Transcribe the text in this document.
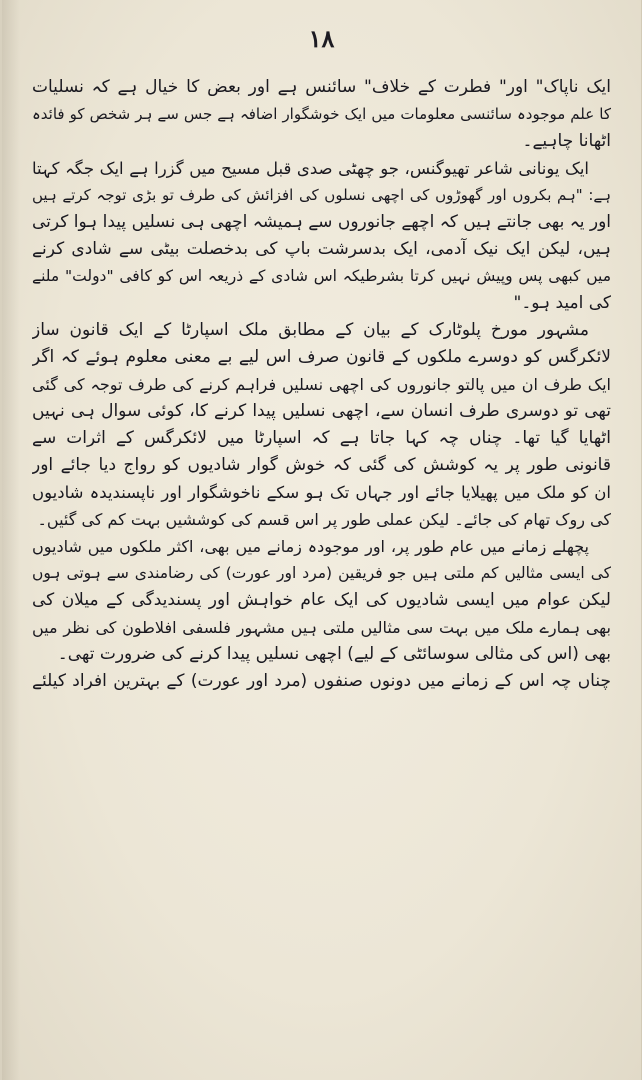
۱۸
ایک ناپاک" اور" فطرت کے خلاف" سائنس ہے اور بعض کا خیال ہے کہ نسلیات
کا علم موجودہ سائنسی معلومات میں ایک خوشگوار اضافہ ہے جس سے ہر شخص کو فائدہ
اٹھانا چاہیے۔
ایک یونانی شاعر تھیوگنس، جو چھٹی صدی قبل مسیح میں گزرا ہے ایک جگہ کہتا
ہے: "ہم بکروں اور گھوڑوں کی اچھی نسلوں کی افزائش کی طرف تو بڑی توجہ کرتے ہیں
اور یہ بھی جانتے ہیں کہ اچھے جانوروں سے ہمیشہ اچھی ہی نسلیں پیدا ہوا کرتی
ہیں، لیکن ایک نیک آدمی، ایک بدسرشت باپ کی بدخصلت بیٹی سے شادی کرنے
میں کبھی پس وپیش نہیں کرتا بشرطیکہ اس شادی کے ذریعہ اس کو کافی "دولت" ملنے
کی امید ہو۔"
مشہور مورخ پلوٹارک کے بیان کے مطابق ملک اسپارٹا کے ایک قانون ساز
لائکرگس کو دوسرے ملکوں کے قانون صرف اس لیے بے معنی معلوم ہوئے کہ اگر
ایک طرف ان میں پالتو جانوروں کی اچھی نسلیں فراہم کرنے کی طرف توجہ کی گئی
تھی تو دوسری طرف انسان سے، اچھی نسلیں پیدا کرنے کا، کوئی سوال ہی نہیں
اٹھایا گیا تھا۔ چناں چہ کہا جاتا ہے کہ اسپارٹا میں لائکرگس کے اثرات سے
قانونی طور پر یہ کوشش کی گئی کہ خوش گوار شادیوں کو رواج دیا جائے اور
ان کو ملک میں پھیلایا جائے اور جہاں تک ہو سکے ناخوشگوار اور ناپسندیدہ شادیوں
کی روک تھام کی جائے۔ لیکن عملی طور پر اس قسم کی کوششیں بہت کم کی گئیں۔
پچھلے زمانے میں عام طور پر، اور موجودہ زمانے میں بھی، اکثر ملکوں میں شادیوں
کی ایسی مثالیں کم ملتی ہیں جو فریقین (مرد اور عورت) کی رضامندی سے ہوتی ہوں
لیکن عوام میں ایسی شادیوں کی ایک عام خواہش اور پسندیدگی کے میلان کی
بھی ہمارے ملک میں بہت سی مثالیں ملتی ہیں مشہور فلسفی افلاطون کی نظر میں
بھی (اس کی مثالی سوسائٹی کے لیے) اچھی نسلیں پیدا کرنے کی ضرورت تھی۔
چناں چہ اس کے زمانے میں دونوں صنفوں (مرد اور عورت) کے بہترین افراد کیلئے
